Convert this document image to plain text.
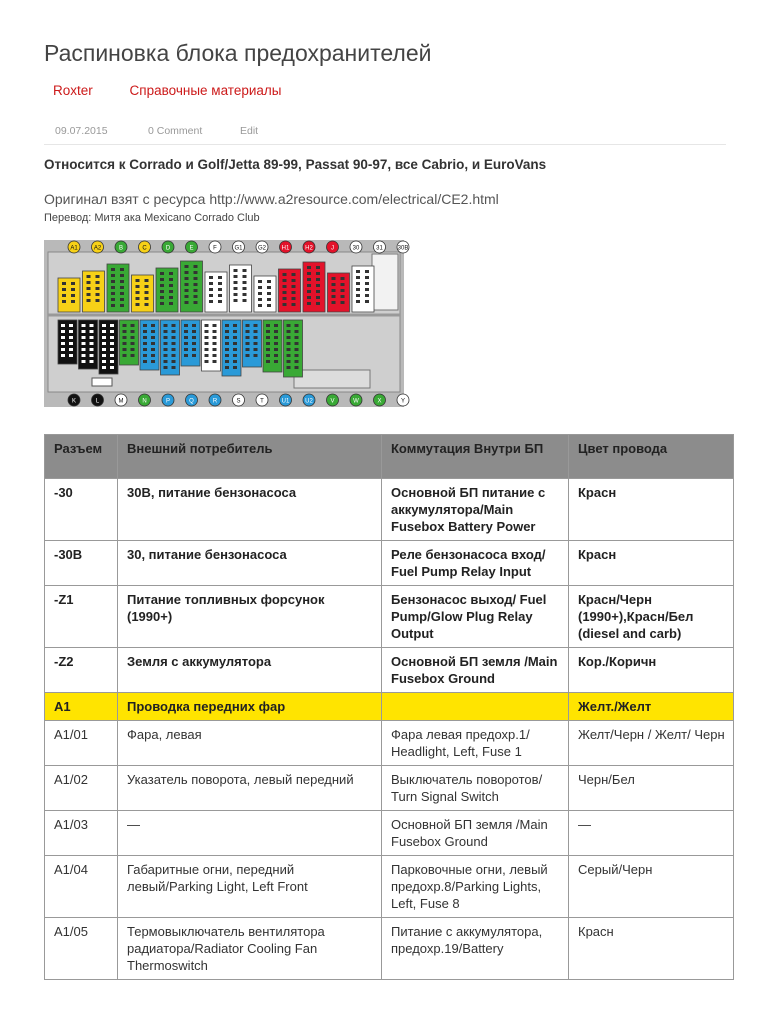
Распиновка блока предохранителей
Roxter	Справочные материалы
09.07.2015	0 Comment	Edit
Относится к Corrado и Golf/Jetta 89-99, Passat 90-97, все Cabrio, и EuroVans
Оригинал взят с ресурса http://www.a2resource.com/electrical/CE2.html
Перевод: Митя ака Mexicano Corrado Club
A1	A2	B	C	D	E	F	G1	G2	H1	H2	J	30	31 30B
K	L	M	N	P	Q	R	S	T	U1	U2	V	W	X	Y
Разъем	Внешний потребитель	Коммутация Внутри БП	Цвет провода
-30	30В, питание бензонасоса	Основной БП питание с аккумулятора/Main Fusebox Battery Power	Красн
-30B	30, питание бензонасоса	Реле бензонасоса вход/ Fuel Pump Relay Input	Красн
-Z1	Питание топливных форсунок (1990+)	Бензонасос выход/ Fuel Pump/Glow Plug Relay Output	Красн/Черн (1990+),Красн/Бел (diesel and carb)
-Z2	Земля с аккумулятора	Основной БП земля /Main Fusebox Ground	Кор./Коричн
A1	Проводка передних фар		Желт./Желт
A1/01	Фара, левая	Фара левая предохр.1/ Headlight, Left, Fuse 1	Желт/Черн / Желт/ Черн
A1/02	Указатель поворота, левый передний	Выключатель поворотов/ Turn Signal Switch	Черн/Бел
A1/03	—	Основной БП земля /Main Fusebox Ground	—
A1/04	Габаритные огни, передний левый/Parking Light, Left Front	Парковочные огни, левый предохр.8/Parking Lights, Left, Fuse 8	Серый/Черн
A1/05	Термовыключатель вентилятора радиатора/Radiator Cooling Fan Thermoswitch	Питание с аккумулятора, предохр.19/Battery	Красн
